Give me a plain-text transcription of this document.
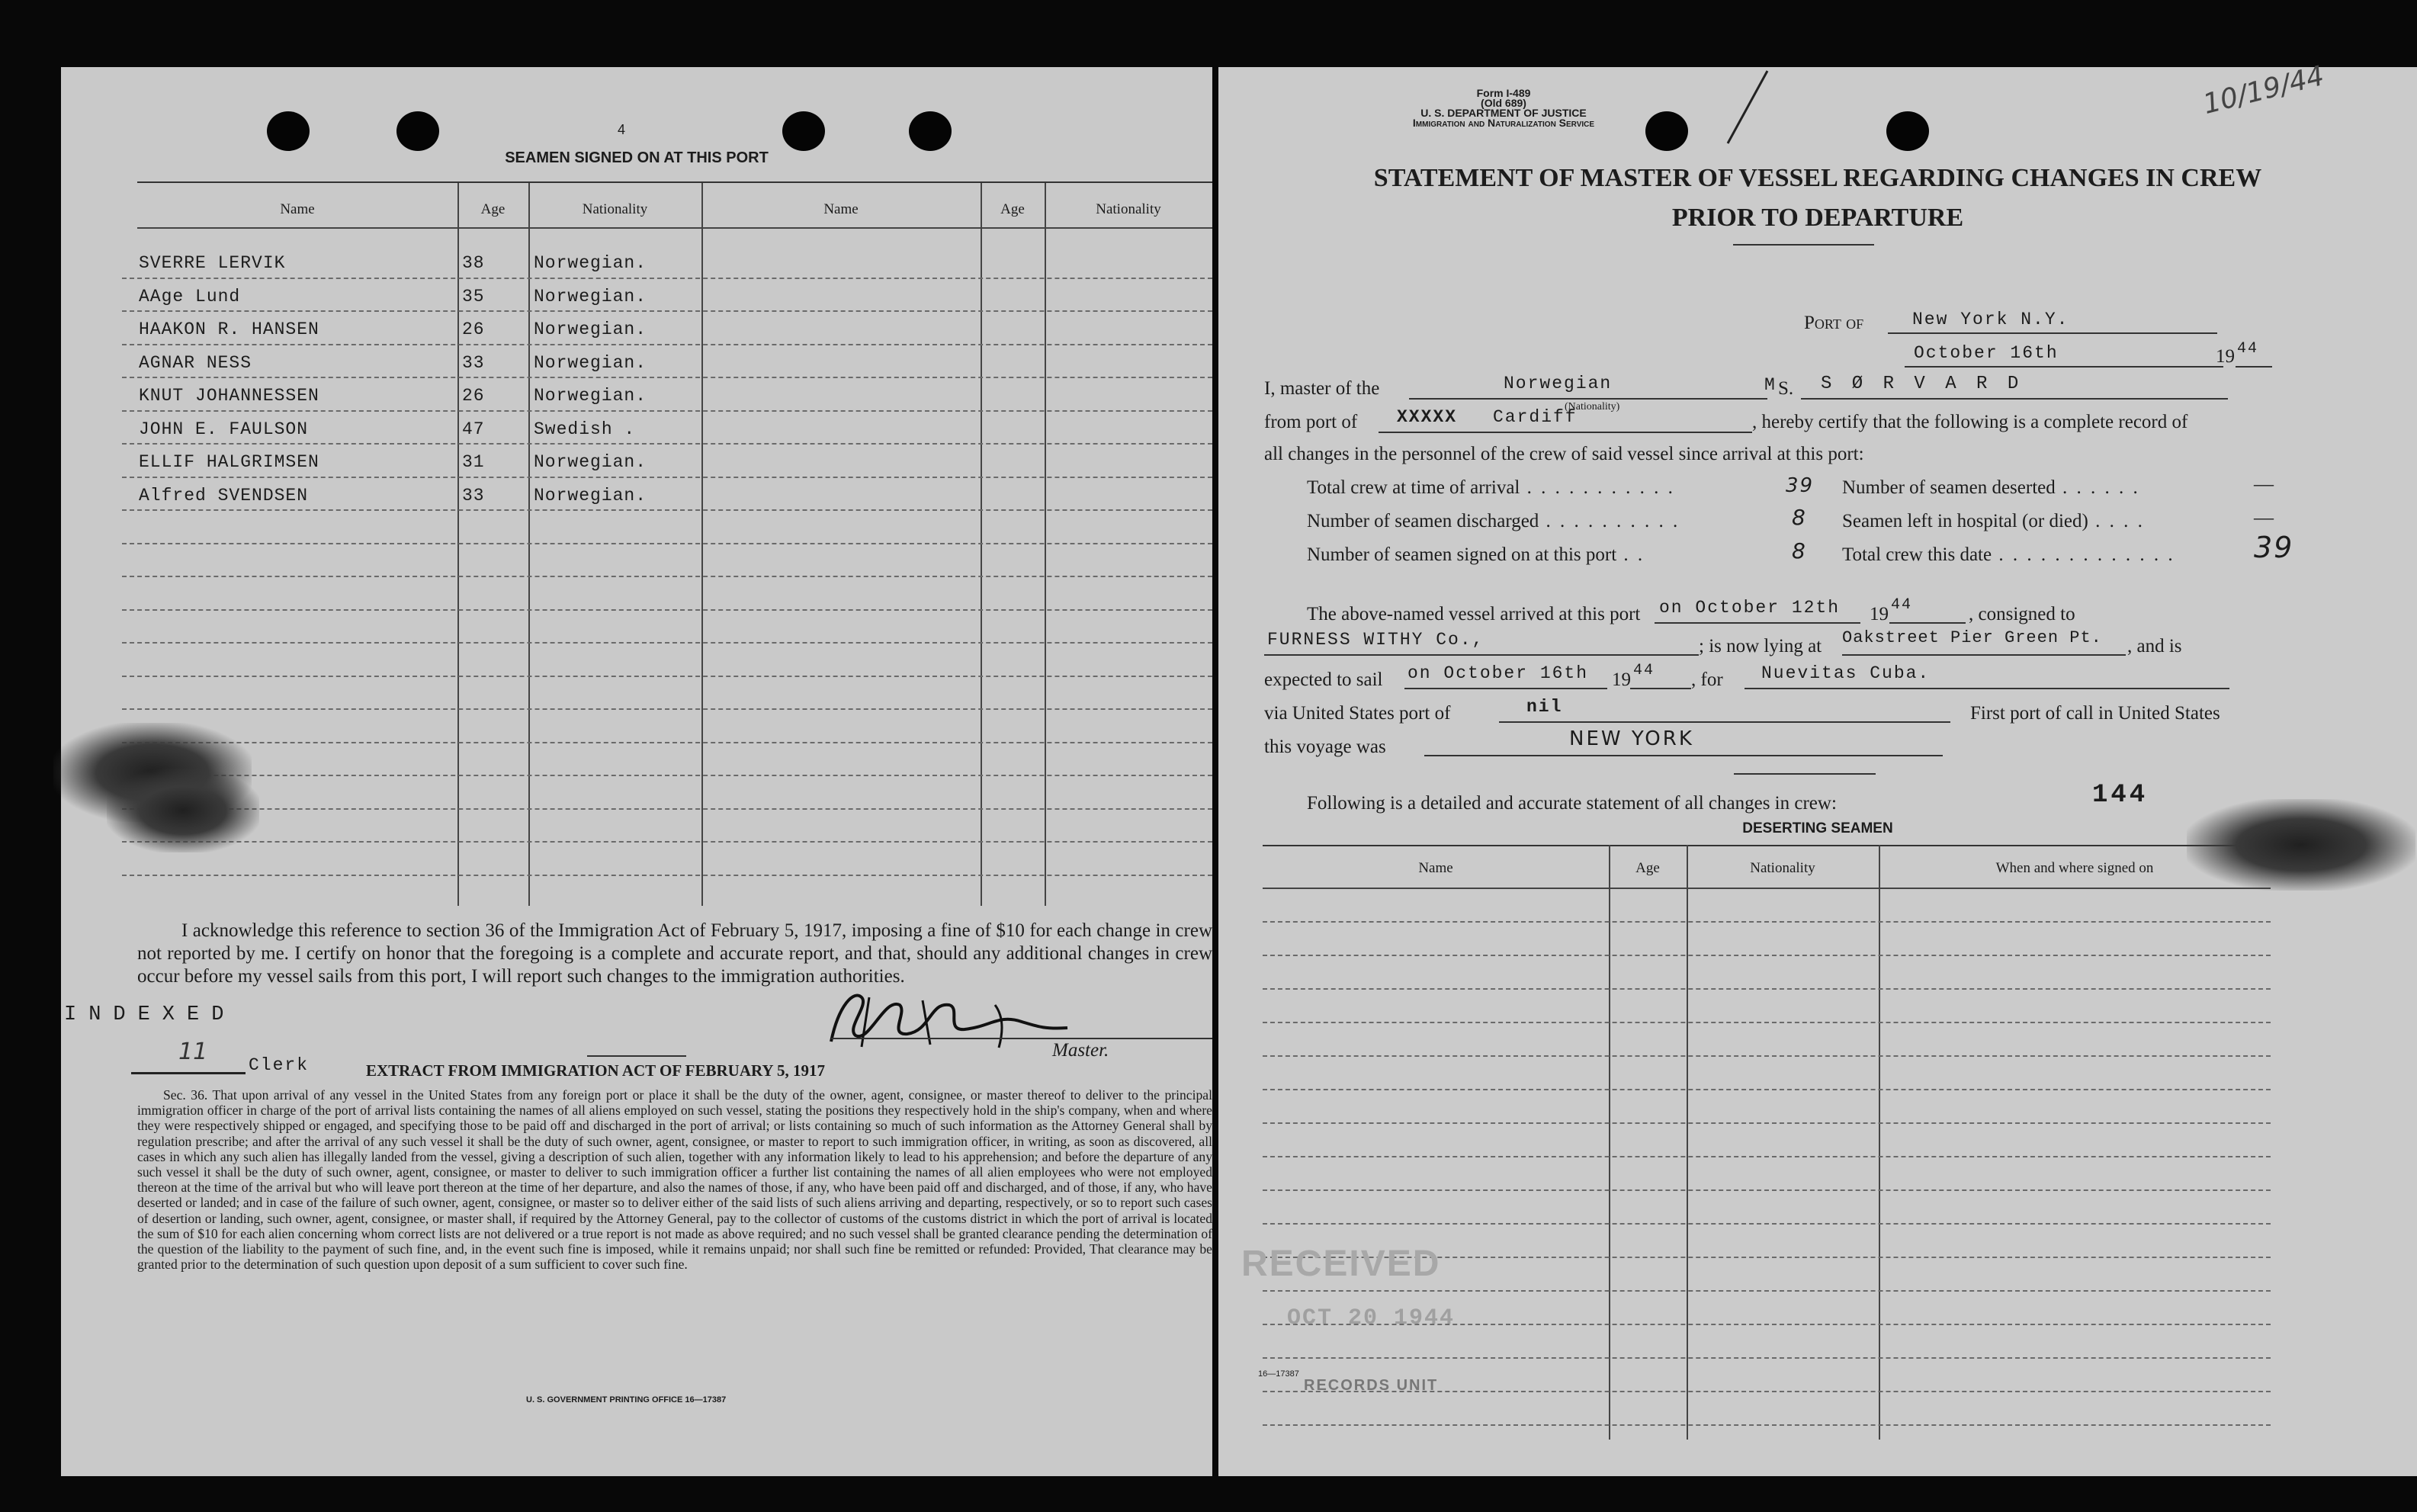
4
SEAMEN SIGNED ON AT THIS PORT
Name	Age	Nationality	Name	Age	Nationality
SVERRE LERVIK	38	Norwegian.
AAge Lund	35	Norwegian.
HAAKON R. HANSEN	26	Norwegian.
AGNAR NESS	33	Norwegian.
KNUT JOHANNESSEN	26	Norwegian.
JOHN E. FAULSON	47	Swedish .
ELLIF HALGRIMSEN	31	Norwegian.
Alfred SVENDSEN	33	Norwegian.
I acknowledge this reference to section 36 of the Immigration Act of February 5, 1917, imposing a fine of $10 for each change in crew not reported by me. I certify on honor that the foregoing is a complete and accurate report, and that, should any additional changes in crew occur before my vessel sails from this port, I will report such changes to the immigration authorities.
INDEXED
11 Clerk
Master.
EXTRACT FROM IMMIGRATION ACT OF FEBRUARY 5, 1917
Sec. 36. That upon arrival of any vessel in the United States from any foreign port or place it shall be the duty of the owner, agent, consignee, or master thereof to deliver to the principal immigration officer in charge of the port of arrival lists containing the names of all aliens employed on such vessel, stating the positions they respectively hold in the ship's company, when and where they were respectively shipped or engaged, and specifying those to be paid off and discharged in the port of arrival; or lists containing so much of such information as the Attorney General shall by regulation prescribe; and after the arrival of any such vessel it shall be the duty of such owner, agent, consignee, or master to report to such immigration officer, in writing, as soon as discovered, all cases in which any such alien has illegally landed from the vessel, giving a description of such alien, together with any information likely to lead to his apprehension; and before the departure of any such vessel it shall be the duty of such owner, agent, consignee, or master to deliver to such immigration officer a further list containing the names of all alien employees who were not employed thereon at the time of the arrival but who will leave port thereon at the time of her departure, and also the names of those, if any, who have been paid off and discharged, and of those, if any, who have deserted or landed; and in case of the failure of such owner, agent, consignee, or master so to deliver either of the said lists of such aliens arriving and departing, respectively, or so to report such cases of desertion or landing, such owner, agent, consignee, or master shall, if required by the Attorney General, pay to the collector of customs of the customs district in which the port of arrival is located the sum of $10 for each alien concerning whom correct lists are not delivered or a true report is not made as above required; and no such vessel shall be granted clearance pending the determination of the question of the liability to the payment of such fine, and, in the event such fine is imposed, while it remains unpaid; nor shall such fine be remitted or refunded: Provided, That clearance may be granted prior to the determination of such question upon deposit of a sum sufficient to cover such fine.
U. S. GOVERNMENT PRINTING OFFICE 16—17387
Form I-489
(Old 689)
U. S. DEPARTMENT OF JUSTICE
Immigration and Naturalization Service
10/19/44
STATEMENT OF MASTER OF VESSEL REGARDING CHANGES IN CREW
PRIOR TO DEPARTURE
Port of	New York N.Y.
October 16th	19 44
I, master of the	Norwegian
(Nationality)
M S. S Ø R V A R D
from port of XXXXX Cardiff	, hereby certify that the following is a complete record of
all changes in the personnel of the crew of said vessel since arrival at this port:
Total crew at time of arrival . . . . . . . . . . .	39
Number of seamen discharged . . . . . . . . . .	8
Number of seamen signed on at this port . .	8
Number of seamen deserted . . . . . .	—
Seamen left in hospital (or died) . . . .	—
Total crew this date . . . . . . . . . . . . .	39
The above-named vessel arrived at this port on October 12th 19 44	, consigned to
FURNESS WITHY Co.,	; is now lying at Oakstreet Pier Green Pt. , and is
expected to sail on October 16th 19 44 , for Nuevitas Cuba.
via United States port of	nil	First port of call in United States
this voyage was	NEW YORK
Following is a detailed and accurate statement of all changes in crew:	144
DESERTING SEAMEN
Name	Age	Nationality	When and where signed on
RECEIVED
OCT 20 1944
16—17387
RECORDS UNIT
